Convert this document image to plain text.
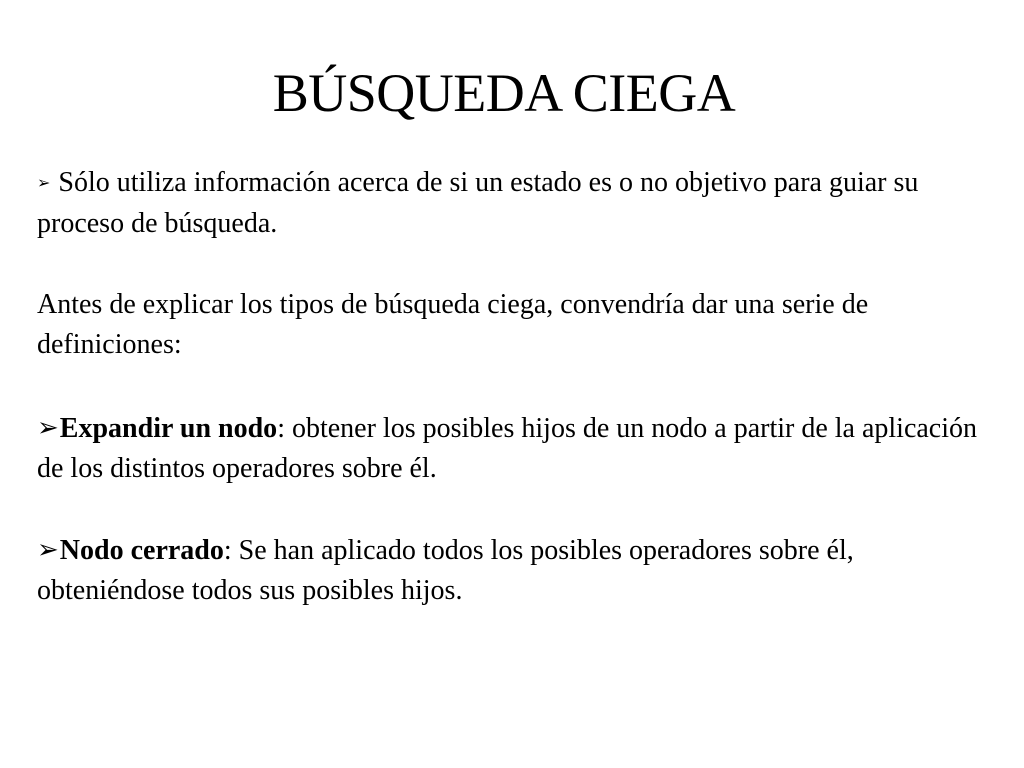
BÚSQUEDA CIEGA
➢ Sólo utiliza información acerca de si un estado es o no objetivo para guiar su proceso de búsqueda.
Antes de explicar los tipos de búsqueda ciega, convendría dar una serie de definiciones:
➢Expandir un nodo: obtener los posibles hijos de un nodo a partir de la aplicación de los distintos operadores sobre él.
➢Nodo cerrado: Se han aplicado todos los posibles operadores sobre él, obteniéndose todos sus posibles hijos.
